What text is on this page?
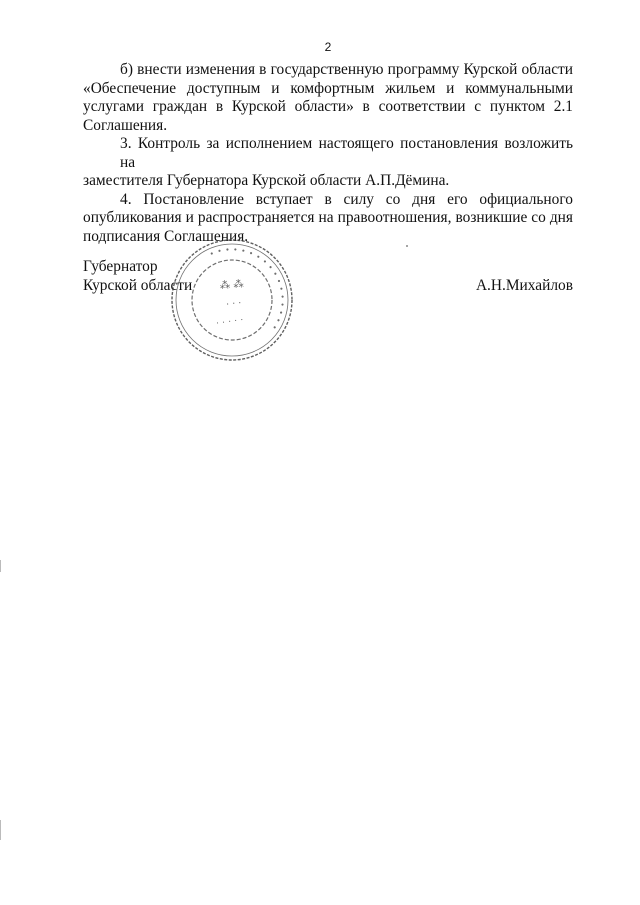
2
б) внести изменения в государственную программу Курской области
«Обеспечение доступным и комфортным жильем и коммунальными
услугами граждан в Курской области» в соответствии с пунктом 2.1
Соглашения.
3. Контроль за исполнением настоящего постановления возложить на
заместителя Губернатора Курской области А.П.Дёмина.
4. Постановление вступает в силу со дня его официального
опубликования и распространяется на правоотношения, возникшие со дня
подписания Соглашения.
Губернатор
Курской области	А.Н.Михайлов
• • • • • • • • • • • • • • • • •
⁂ ⁂
· · ·
· · · · ·
